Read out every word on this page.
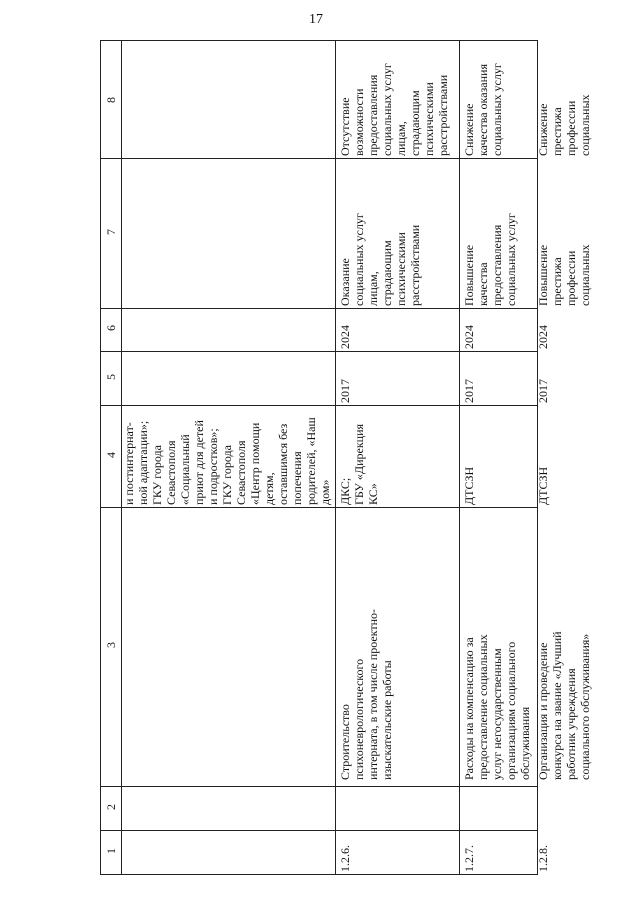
17
8
7
6
5
4
3
2
1
и постинтернат-
ной адаптации»;
ГКУ города
Севастополя
«Социальный
приют для детей
и подростков»;
ГКУ города
Севастополя
«Центр помощи
детям,
оставшимся без
попечения
родителей, «Наш
дом»
1.2.6.
Строительство
психоневрологического
интерната, в том числе проектно-
изыскательские работы
ДКС;
ГБУ «Дирекция
КС»
2017
2024
Оказание
социальных услуг
лицам,
страдающим
психическими
расстройствами
Отсутствие
возможности
предоставления
социальных услуг
лицам,
страдающим
психическими
расстройствами
1.2.7.
Расходы на компенсацию за
предоставление социальных
услуг негосударственным
организациям социального
обслуживания
ДТСЗН
2017
2024
Повышение
качества
предоставления
социальных услуг
Снижение
качества оказания
социальных услуг
1.2.8.
Организация и проведение
конкурса на звание «Лучший
работник учреждения
социального обслуживания»
ДТСЗН
2017
2024
Повышение
престижа
профессии
социальных
Снижение
престижа
профессии
социальных
